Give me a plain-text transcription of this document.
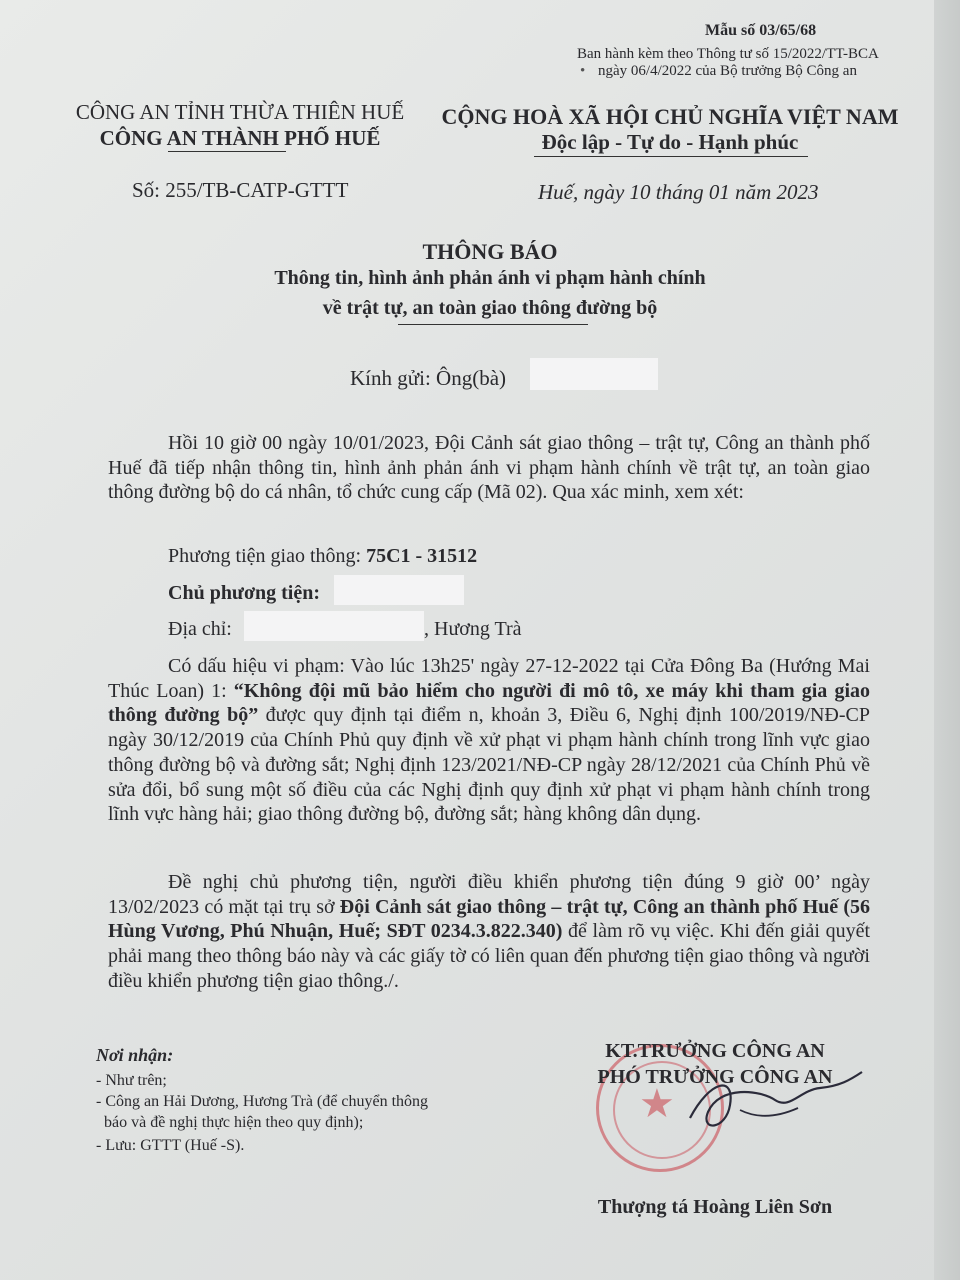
Mẫu số 03/65/68
Ban hành kèm theo Thông tư số 15/2022/TT-BCA
• ngày 06/4/2022 của Bộ trưởng Bộ Công an
CÔNG AN TỈNH THỪA THIÊN HUẾ
CÔNG AN THÀNH PHỐ HUẾ
Số: 255/TB-CATP-GTTT
CỘNG HOÀ XÃ HỘI CHỦ NGHĨA VIỆT NAM
Độc lập - Tự do - Hạnh phúc
Huế, ngày 10 tháng 01 năm 2023
THÔNG BÁO
Thông tin, hình ảnh phản ánh vi phạm hành chính
về trật tự, an toàn giao thông đường bộ
Kính gửi: Ông(bà)
Hồi 10 giờ 00 ngày 10/01/2023, Đội Cảnh sát giao thông – trật tự, Công an thành phố Huế đã tiếp nhận thông tin, hình ảnh phản ánh vi phạm hành chính về trật tự, an toàn giao thông đường bộ do cá nhân, tổ chức cung cấp (Mã 02). Qua xác minh, xem xét:
Phương tiện giao thông: 75C1 - 31512
Chủ phương tiện:
Địa chỉ:	, Hương Trà
Có dấu hiệu vi phạm: Vào lúc 13h25' ngày 27-12-2022 tại Cửa Đông Ba (Hướng Mai Thúc Loan) 1: “Không đội mũ bảo hiểm cho người đi mô tô, xe máy khi tham gia giao thông đường bộ” được quy định tại điểm n, khoản 3, Điều 6, Nghị định 100/2019/NĐ-CP ngày 30/12/2019 của Chính Phủ quy định về xử phạt vi phạm hành chính trong lĩnh vực giao thông đường bộ và đường sắt; Nghị định 123/2021/NĐ-CP ngày 28/12/2021 của Chính Phủ về sửa đổi, bổ sung một số điều của các Nghị định quy định xử phạt vi phạm hành chính trong lĩnh vực hàng hải; giao thông đường bộ, đường sắt; hàng không dân dụng.
Đề nghị chủ phương tiện, người điều khiển phương tiện đúng 9 giờ 00’ ngày 13/02/2023 có mặt tại trụ sở Đội Cảnh sát giao thông – trật tự, Công an thành phố Huế (56 Hùng Vương, Phú Nhuận, Huế; SĐT 0234.3.822.340) để làm rõ vụ việc. Khi đến giải quyết phải mang theo thông báo này và các giấy tờ có liên quan đến phương tiện giao thông và người điều khiển phương tiện giao thông./.
Nơi nhận:
- Như trên;
- Công an Hải Dương, Hương Trà (để chuyển thông
báo và đề nghị thực hiện theo quy định);
- Lưu: GTTT (Huế -S).
★
KT.TRƯỞNG CÔNG AN
PHÓ TRƯỞNG CÔNG AN
Thượng tá Hoàng Liên Sơn
